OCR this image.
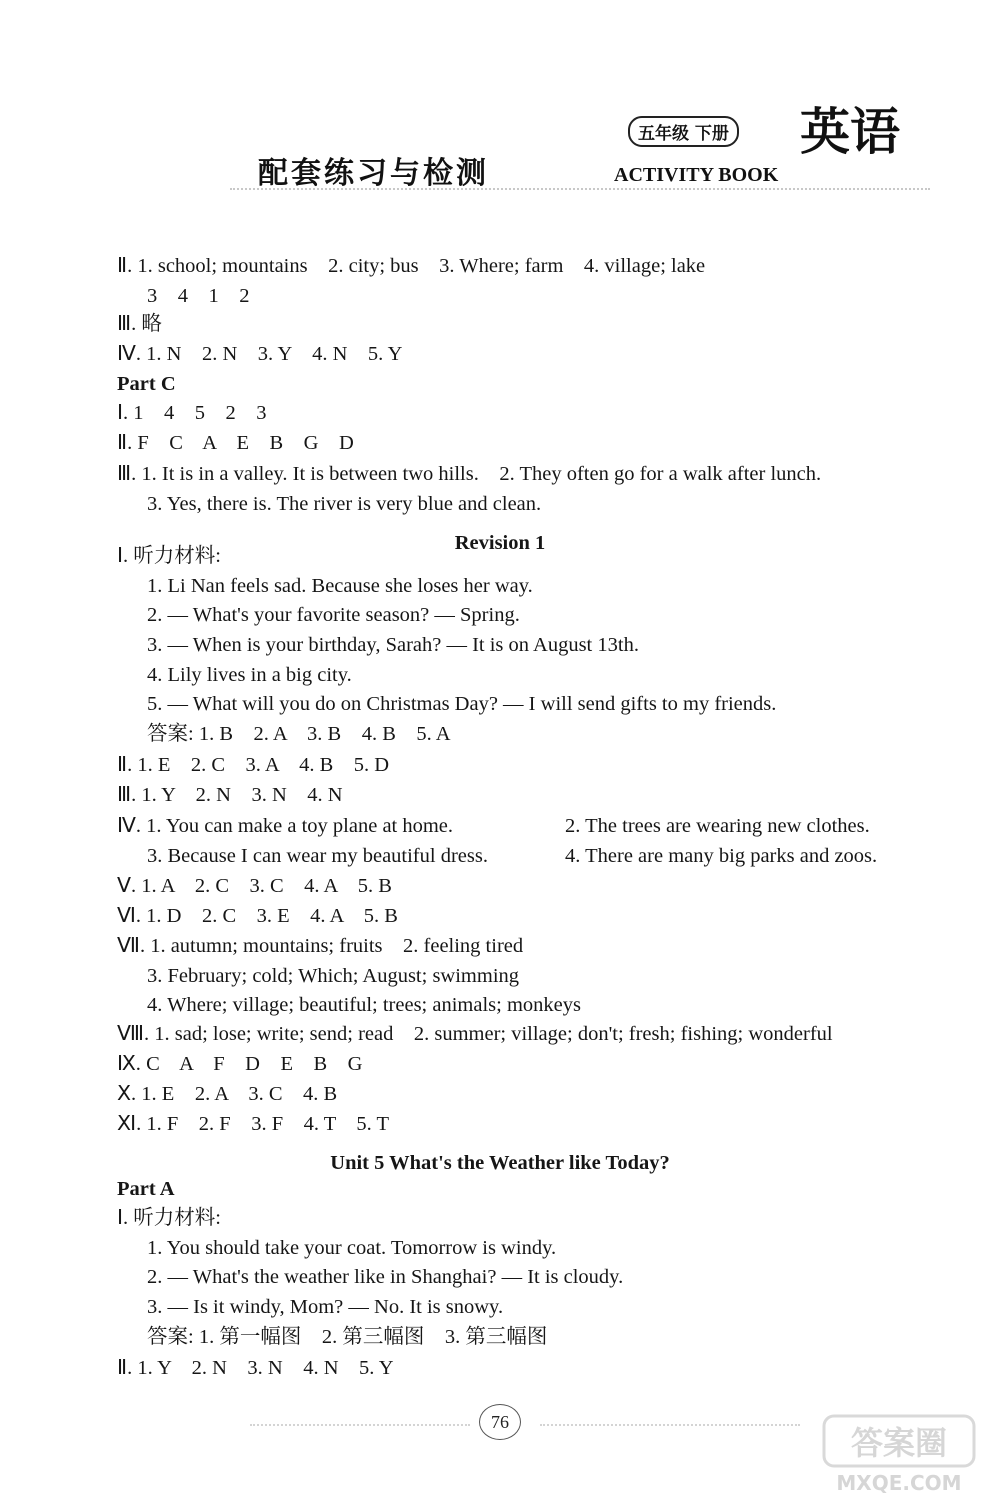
配套练习与检测
五年级 下册 英语
ACTIVITY BOOK
Ⅱ. 1. school; mountains    2. city; bus    3. Where; farm    4. village; lake
3    4    1    2
Ⅲ. 略
Ⅳ. 1. N    2. N    3. Y    4. N    5. Y
Part C
Ⅰ. 1    4    5    2    3
Ⅱ. F    C    A    E    B    G    D
Ⅲ. 1. It is in a valley. It is between two hills.    2. They often go for a walk after lunch.
3. Yes, there is. The river is very blue and clean.
Revision 1
Ⅰ. 听力材料:
1. Li Nan feels sad. Because she loses her way.
2. — What's your favorite season? — Spring.
3. — When is your birthday, Sarah? — It is on August 13th.
4. Lily lives in a big city.
5. — What will you do on Christmas Day? — I will send gifts to my friends.
答案: 1. B    2. A    3. B    4. B    5. A
Ⅱ. 1. E    2. C    3. A    4. B    5. D
Ⅲ. 1. Y    2. N    3. N    4. N
Ⅳ. 1. You can make a toy plane at home.	2. The trees are wearing new clothes.
3. Because I can wear my beautiful dress.	4. There are many big parks and zoos.
Ⅴ. 1. A    2. C    3. C    4. A    5. B
Ⅵ. 1. D    2. C    3. E    4. A    5. B
Ⅶ. 1. autumn; mountains; fruits    2. feeling tired
3. February; cold; Which; August; swimming
4. Where; village; beautiful; trees; animals; monkeys
Ⅷ. 1. sad; lose; write; send; read    2. summer; village; don't; fresh; fishing; wonderful
Ⅸ. C    A    F    D    E    B    G
Ⅹ. 1. E    2. A    3. C    4. B
Ⅺ. 1. F    2. F    3. F    4. T    5. T
Unit 5 What's the Weather like Today?
Part A
Ⅰ. 听力材料:
1. You should take your coat. Tomorrow is windy.
2. — What's the weather like in Shanghai? — It is cloudy.
3. — Is it windy, Mom? — No. It is snowy.
答案: 1. 第一幅图    2. 第三幅图    3. 第三幅图
Ⅱ. 1. Y    2. N    3. N    4. N    5. Y
76
答案圈
MXQE.COM
